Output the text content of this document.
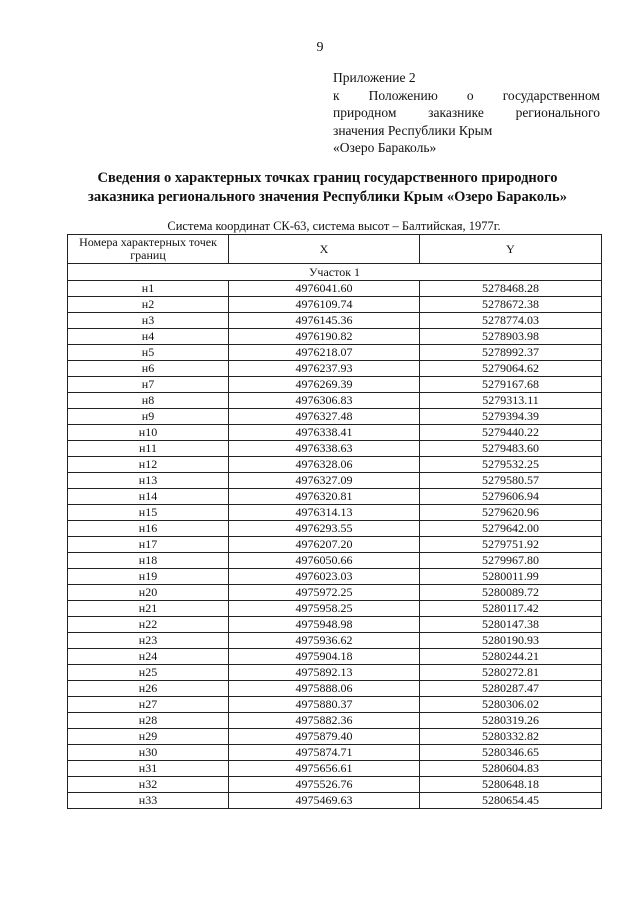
9
Приложение 2
к Положению о государственном
природном заказнике регионального
значения Республики Крым
«Озеро Бараколь»
Сведения о характерных точках границ государственного природного
заказника регионального значения Республики Крым «Озеро Бараколь»
Система координат СК-63, система высот – Балтийская, 1977г.
Номера характерных точек границ	X	Y
Участок 1		
н1	4976041.60	5278468.28
н2	4976109.74	5278672.38
н3	4976145.36	5278774.03
н4	4976190.82	5278903.98
н5	4976218.07	5278992.37
н6	4976237.93	5279064.62
н7	4976269.39	5279167.68
н8	4976306.83	5279313.11
н9	4976327.48	5279394.39
н10	4976338.41	5279440.22
н11	4976338.63	5279483.60
н12	4976328.06	5279532.25
н13	4976327.09	5279580.57
н14	4976320.81	5279606.94
н15	4976314.13	5279620.96
н16	4976293.55	5279642.00
н17	4976207.20	5279751.92
н18	4976050.66	5279967.80
н19	4976023.03	5280011.99
н20	4975972.25	5280089.72
н21	4975958.25	5280117.42
н22	4975948.98	5280147.38
н23	4975936.62	5280190.93
н24	4975904.18	5280244.21
н25	4975892.13	5280272.81
н26	4975888.06	5280287.47
н27	4975880.37	5280306.02
н28	4975882.36	5280319.26
н29	4975879.40	5280332.82
н30	4975874.71	5280346.65
н31	4975656.61	5280604.83
н32	4975526.76	5280648.18
н33	4975469.63	5280654.45
